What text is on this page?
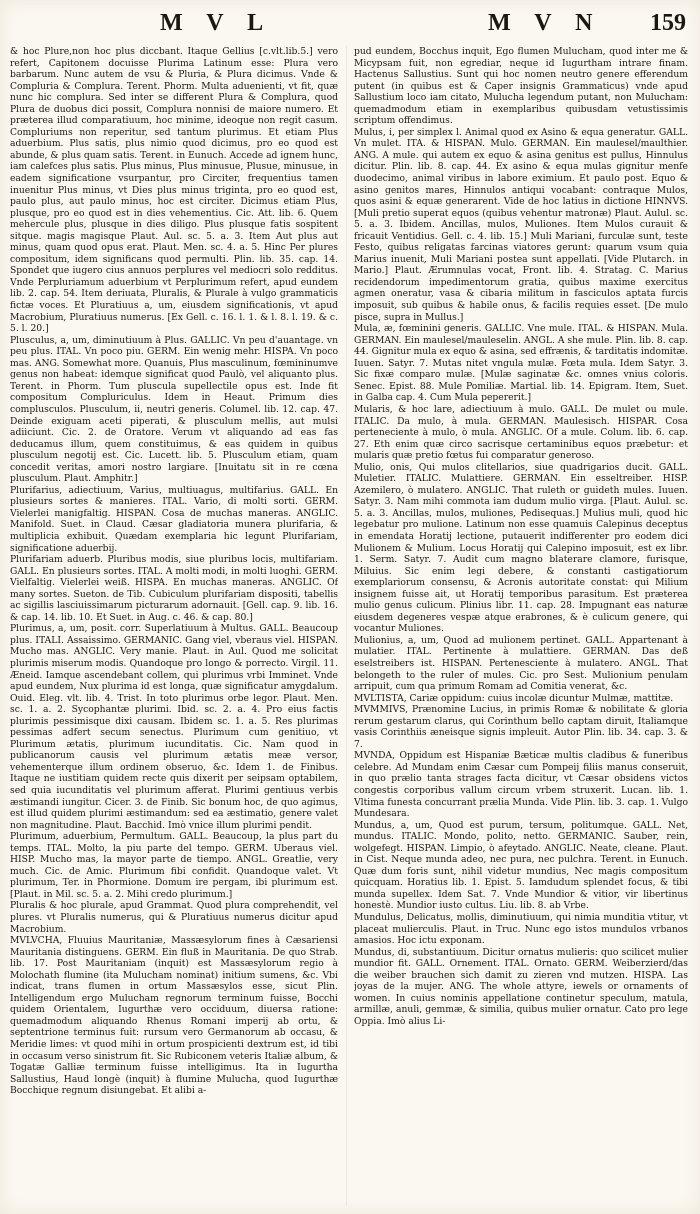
M V L	M V N 159

& hoc Plure,non hoc plus diccbant. Itaque Gellius [c.vlt.lib.5.] vero refert, Capitonem docuisse Plurima Latinum esse: Plura vero barbarum. Nunc autem de vsu & Pluria, & Plura dicimus. Vnde & Compluria & Complura. Terent. Phorm. Multa aduenienti, vt fit, quæ nunc hic complura. Sed inter se different Plura & Complura, quod Plura de duobus dici possit, Complura nonnisi de maiore numero. Et præterea illud comparatiuum, hoc minime, ideoque non regit casum. Compluriums non reperitur, sed tantum plurimus. Et etiam Plus aduerbium. Plus satis, plus nimio quod dicimus, pro eo quod est abunde, & plus quam satis. Terent. in Eunuch. Accede ad ignem hunc, iam calefces plus satis. Plus minus, Plus minusue, Plusue, minusue, in eadem significatione vsurpantur, pro Circiter, frequentius tamen inuenitur Plus minus, vt Dies plus minus triginta, pro eo quod est, paulo plus, aut paulo minus, hoc est circiter. Dicimus etiam Plus, plusque, pro eo quod est in dies vehementius. Cic. Att. lib. 6. Quem mehercule plus, plusque in dies diligo. Plus plusque fatis sospitent sitque. magis magisque Plaut. Aul. sc. 5. a. 3. Item Aut plus aut minus, quam quod opus erat. Plaut. Men. sc. 4. a. 5. Hinc Per plures compositum, idem significans quod permulti. Plin. lib. 35. cap. 14. Spondet que iugero cius annuos perplures vel mediocri solo redditus. Vnde Perpluriamum aduerbium vt Perplurimum refert, apud eundem lib. 2. cap. 54. Item deriuata, Pluralis, & Plurale à vulgo grammaticis fictæ voces. Et Pluratiuus a, um, eiusdem significationis, vt apud Macrobium, Pluratiuus numerus. [Ex Gell. c. 16. l. 1. & l. 8. l. 19. & c. 5. l. 20.]

Plusculus, a, um, diminutiuum à Plus. GALLIC. Vn peu d'auantage. vn peu plus. ITAL. Vn poco piu. GERM. Ein wenig mehr. HISPA. Vn poco mas. ANG. Somewhat more. Quanuis, Plus masculinum, fœmininumve genus non habeat: idemque significat quod Paulò, vel aliquanto plus. Terent. in Phorm. Tum pluscula supellectile opus est. Inde fit compositum Compluriculus. Idem in Heaut. Primum dies complusculos. Plusculum, ii, neutri generis. Columel. lib. 12. cap. 47. Deinde exiguam aceti piperati, & plusculum mellis, aut mulsi adiiciunt. Cic. 2. de Oratore. Verum vt aliquando ad eas fas deducamus illum, quem constituimus, & eas quidem in quibus plusculum negotij est. Cic. Lucett. lib. 5. Plusculum etiam, quam concedit veritas, amori nostro largiare. [Inuitatu sit in re cœna plusculum. Plaut. Amphitr.]

Plurifarius, adiectiuum, Varius, multiuagus, multifarius. GALL. En plusieurs sortes & manieres. ITAL. Vario, di molti sorti. GERM. Vielerlei manigfaltig. HISPAN. Cosa de muchas maneras. ANGLIC. Manifold. Suet. in Claud. Cæsar gladiatoria munera plurifaria, & multiplicia exhibuit. Quædam exemplaria hic legunt Plurifariam, significatione aduerbij.

Plurifariam aduerb. Pluribus modis, siue pluribus locis, multifariam. GALL. En plusieurs sortes. ITAL. A molti modi, in molti luoghi. GERM. Vielfaltig. Vielerlei weiß. HISPA. En muchas maneras. ANGLIC. Of many sortes. Sueton. de Tib. Cubiculum plurifariam dispositi, tabellis ac sigillis lasciuissimarum picturarum adornauit. [Gell. cap. 9. lib. 16. & cap. 14. lib. 10. Et Suet. in Aug. c. 46. & cap. 80.]

Plurimus, a, um, posit. corr. Superlatiuum à Multus. GALL. Beaucoup plus. ITALI. Assaissimo. GERMANIC. Gang viel, vberaus viel. HISPAN. Mucho mas. ANGLIC. Very manie. Plaut. in Aul. Quod me solicitat plurimis miserum modis. Quandoque pro longo & porrecto. Virgil. 11. Æneid. Iamque ascendebant collem, qui plurimus vrbi Imminet. Vnde apud eundem, Nux plurima id est longa, quæ significatur amygdalum. Ouid. Eleg. vlt. lib. 4. Trist. In toto plurimus orbe legor. Plaut. Men. sc. 1. a. 2. Sycophantæ plurimi. Ibid. sc. 2. a. 4. Pro eius factis plurimis pessimisque dixi causam. Ibidem sc. 1. a. 5. Res plurimas pessimas adfert secum senectus. Plurimum cum genitiuo, vt Plurimum ætatis, plurimum iucunditatis. Cic. Nam quod in publicanorum causis vel plurimum ætatis meæ versor, vehementerque illum ordinem obseruo, &c. Idem 1. de Finibus. Itaque ne iustitiam quidem recte quis dixerit per seipsam optabilem, sed quia iucunditatis vel plurimum afferat. Plurimi gentiuus verbis æstimandi iungitur. Cicer. 3. de Finib. Sic bonum hoc, de quo agimus, est illud quidem plurimi æstimandum: sed ea æstimatio, genere valet non magnitudine. Plaut. Bacchid. Imò vnice illum plurimi pendit.

Plurimum, aduerbium, Permultum. GALL. Beaucoup, la plus part du temps. ITAL. Molto, la piu parte del tempo. GERM. Uberaus viel. HISP. Mucho mas, la mayor parte de tiempo. ANGL. Greatlie, very much. Cic. de Amic. Plurimum fibi confidit. Quandoque valet. Vt plurimum, Ter. in Phormione. Domum ire pergam, ibi plurimum est. [Plaut. in Mil. sc. 5. a. 2. Mihi credo plurimum.]

Pluralis & hoc plurale, apud Grammat. Quod plura comprehendit, vel plures. vt Pluralis numerus, qui & Pluratiuus numerus dicitur apud Macrobium.

MVLVCHA, Fluuius Mauritaniæ, Massæsylorum fines à Cæsariensi Mauritania distinguens. GERM. Ein fluß in Mauritania. De quo Strab. lib. 17. Post Mauritaniam (inquit) est Massæsylorum regio à Molochath flumine (ita Mulucham nominat) initium sumens, &c. Vbi indicat, trans flumen in ortum Massæsylos esse, sicut Plin. Intelligendum ergo Mulucham regnorum terminum fuisse, Bocchi quidem Orientalem, Iugurthæ vero occiduum, diuersa ratione: quemadmodum aliquando Rhenus Romani imperij ab ortu, & septentrione terminus fuit: rursum vero Germanorum ab occasu, & Meridie limes: vt quod mihi in ortum prospicienti dextrum est, id tibi in occasum verso sinistrum fit. Sic Rubiconem veteris Italiæ album, & Togatæ Galliæ terminum fuisse intelligimus. Ita in Iugurtha Sallustius, Haud longè (inquit) à flumine Mulucha, quod Iugurthæ Bocchique regnum disiungebat. Et alibi a-

pud eundem, Bocchus inquit, Ego flumen Mulucham, quod inter me & Micypsam fuit, non egrediar, neque id Iugurtham intrare finam. Hactenus Sallustius. Sunt qui hoc nomen neutro genere efferendum putent (in quibus est & Caper insignis Grammaticus) vnde apud Sallustium loco iam citato, Mulucha legendum putant, non Mulucham: quemadmodum etiam in exemplaribus quibusdam vetustissimis scriptum offendimus.

Mulus, i, per simplex l. Animal quod ex Asino & equa generatur. GALL. Vn mulet. ITA. & HISPAN. Mulo. GERMAN. Ein maulesel/maulthier. ANG. A mule. qui autem ex equo & asina genitus est pullus, Hinnulus dicitur. Plin. lib. 8. cap. 44. Ex asino & equa mulas gignitur menfe duodecimo, animal viribus in labore eximium. Et paulo post. Equo & asino genitos mares, Hinnulos antiqui vocabant: contraque Mulos, quos asini & equæ generarent. Vide de hoc latius in dictione HINNVS. [Muli pretio superat equos (quibus vehentur matronæ) Plaut. Aulul. sc. 5. a. 3. Ibidem. Ancillas, mulos, Muliones. Item Mulos curauit & fricauit Ventidius. Gell. c. 4. lib. 15.] Muli Mariani, furculæ sunt, teste Festo, quibus religatas farcinas viatores gerunt: quarum vsum quia Marius inuenit, Muli Mariani postea sunt appellati. [Vide Plutarch. in Mario.] Plaut. Ærumnulas vocat, Front. lib. 4. Stratag. C. Marius recidendorum impedimentorum gratia, quibus maxime exercitus agmen oneratur, vasa & cibaria militum in fasciculos aptata furcis imposuit, sub quibus & habile onus, & facilis requies esset. [De mulo pisce, supra in Mullus.]

Mula, æ, fœminini generis. GALLIC. Vne mule. ITAL. & HISPAN. Mula. GERMAN. Ein maulesel/mauleselin. ANGL. A she mule. Plin. lib. 8. cap. 44. Gignitur mula ex equo & asina, sed effrænis, & tarditatis indomitæ. Iuuen. Satyr. 7. Mutas nitet vngula mulæ. Fœta mula. Idem Satyr. 3. Sic fixæ comparo mulæ. [Mulæ saginatæ &c. omnes vnius coloris. Senec. Epist. 88. Mule Pomiliæ. Martial. lib. 14. Epigram. Item, Suet. in Galba cap. 4. Cum Mula pepererit.]

Mularis, & hoc lare, adiectiuum à mulo. GALL. De mulet ou mule. ITALIC. Da mulo, à mula. GERMAN. Maulesisch. HISPAR. Cosa perteneciente à mulo, ò mula. ANGLIC. Of a mule. Colum. lib. 6. cap. 27. Eth enim quæ circo sacrisque certaminibus equos præbetur: et mularis quæ pretio fœtus fui comparatur generoso.

Mulio, onis, Qui mulos clitellarios, siue quadrigarios ducit. GALL. Muletier. ITALIC. Mulattiere. GERMAN. Ein esseltreiber. HISP. Azemilero, ò mulatero. ANGLIC. That ruleth or guideth mules. Iuuen. Satyr. 3. Nam mihi commota iam dudum mulio virga. [Plaut. Aulul. sc. 5. a. 3. Ancillas, mulos, muliones, Pedisequas.] Mulius muli, quod hic legebatur pro mulione. Latinum non esse quamuis Calepinus deceptus in emendata Horatij lectione, putauerit indifferenter pro eodem dici Mulionem & Mulium. Locus Horatij qui Calepino imposuit, est ex libr. 1. Serm. Satyr. 7. Audit cum magno blaterare clamore, furisque, Miluius. Sic enim legi debere, & constanti castigatiorum exemplariorum consensu, & Acronis autoritate constat: qui Milium insignem fuisse ait, ut Horatij temporibus parasitum. Est præterea mulio genus culicum. Plinius libr. 11. cap. 28. Impugnant eas naturæ eiusdem degeneres vespæ atque erabrones, & è culicum genere, qui vocantur Muliones.

Mulionius, a, um, Quod ad mulionem pertinet. GALL. Appartenant à mulatier. ITAL. Pertinente à mulattiere. GERMAN. Das deß eselstreibers ist. HISPAN. Pertenesciente à mulatero. ANGL. That belongeth to the ruler of mules. Cic. pro Sest. Mulionium penulam arripuit, cum qua primum Romam ad Comitia venerat, &c.

MVLTISTA, Cariæ oppidum: cuius incolæ dicuntur Mulmæ, mattitæ.

MVMMIVS, Prænomine Lucius, in primis Romæ & nobilitate & gloria rerum gestarum clarus, qui Corinthum bello captam diruit, Italiamque vasis Corinthiis æneisque signis impleuit. Autor Plin. lib. 34. cap. 3. & 7.

MVNDA, Oppidum est Hispaniæ Bæticæ multis cladibus & funeribus celebre. Ad Mundam enim Cæsar cum Pompeij filiis manus conseruit, in quo prælio tanta strages facta dicitur, vt Cæsar obsidens victos congestis corporibus vallum circum vrbem struxerit. Lucan. lib. 1. Vltima funesta concurrant prælia Munda. Vide Plin. lib. 3. cap. 1. Vulgo Mundesara.

Mundus, a, um, Quod est purum, tersum, politumque. GALL. Net, mundus. ITALIC. Mondo, polito, netto. GERMANIC. Sauber, rein, wolgefegt. HISPAN. Limpio, ò afeytado. ANGLIC. Neate, cleane. Plaut. in Cist. Neque munda adeo, nec pura, nec pulchra. Terent. in Eunuch. Quæ dum foris sunt, nihil videtur mundius, Nec magis compositum quicquam. Horatius lib. 1. Epist. 5. Iamdudum splendet focus, & tibi munda supellex. Idem Sat. 7. Vnde Mundior & vitior, vir libertinus honestè. Mundior iusto cultus. Liu. lib. 8. ab Vrbe.

Mundulus, Delicatus, mollis, diminutiuum, qui nimia munditia vtitur, vt placeat mulierculis. Plaut. in Truc. Nunc ego istos mundulos vrbanos amasios. Hoc ictu exponam.

Mundus, di, substantiuum. Dicitur ornatus mulieris: quo scilicet mulier mundior fit. GALL. Ornement. ITAL. Ornato. GERM. Weiberzierd/das die weiber brauchen sich damit zu zieren vnd mutzen. HISPA. Las joyas de la mujer. ANG. The whole attyre, iewels or ornaments of women. In cuius nominis appellatione continetur speculum, matula, armillæ, anuli, gemmæ, & similia, quibus mulier ornatur. Cato pro lege Oppia. Imò alius Li-
